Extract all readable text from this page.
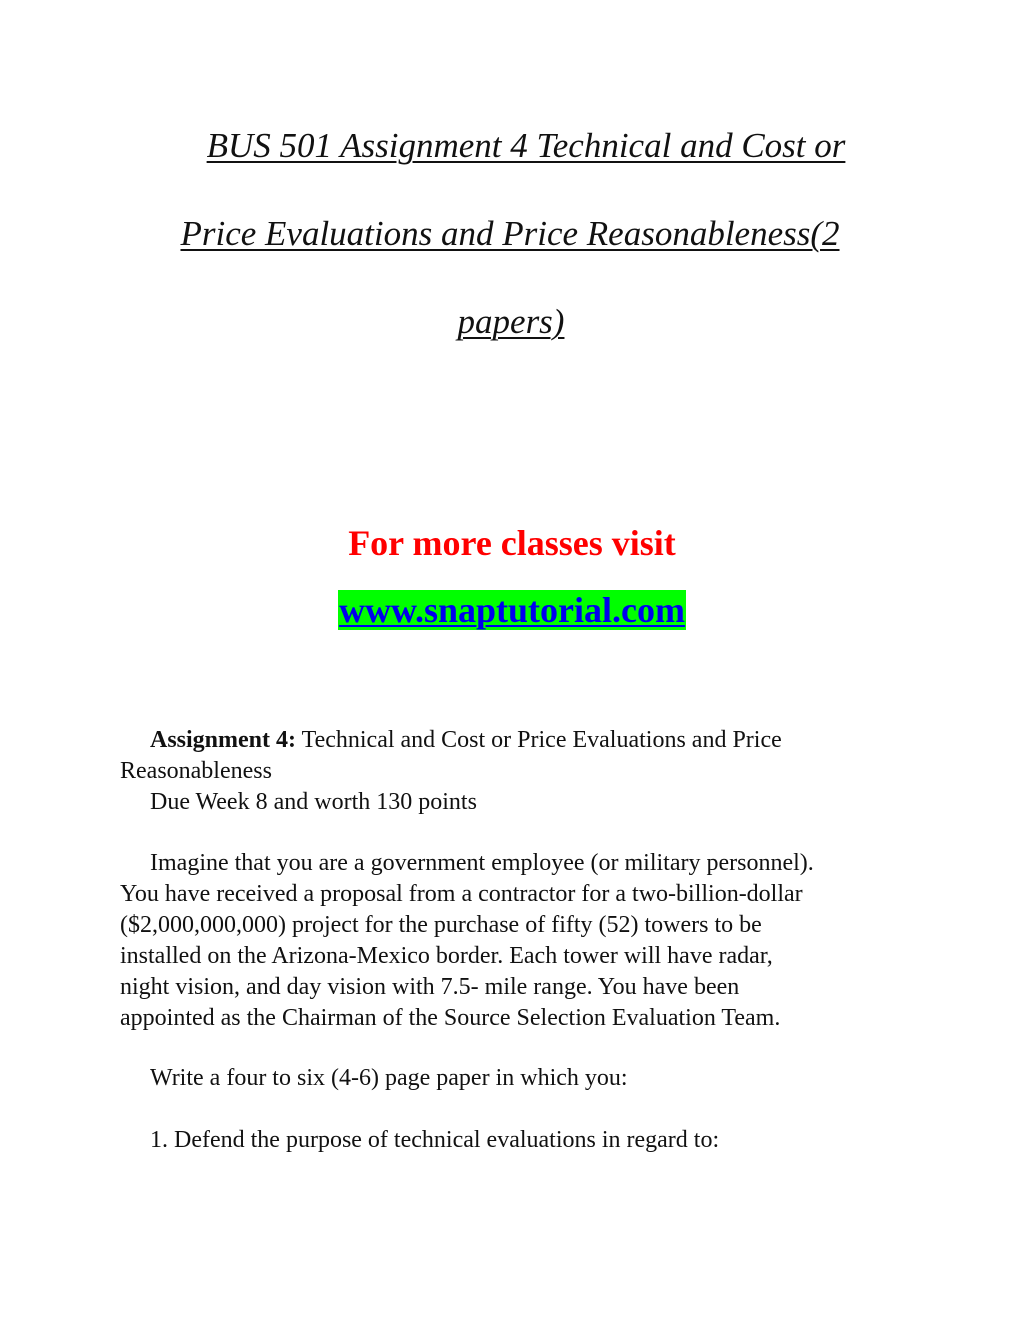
BUS 501 Assignment 4 Technical and Cost or
Price Evaluations and Price Reasonableness(2
papers)
For more classes visit
www.snaptutorial.com
Assignment 4: Technical and Cost or Price Evaluations and Price
Reasonableness
Due Week 8 and worth 130 points
Imagine that you are a government employee (or military personnel).
You have received a proposal from a contractor for a two-billion-dollar
($2,000,000,000) project for the purchase of fifty (52) towers to be
installed on the Arizona-Mexico border. Each tower will have radar,
night vision, and day vision with 7.5- mile range. You have been
appointed as the Chairman of the Source Selection Evaluation Team.
Write a four to six (4-6) page paper in which you:
1. Defend the purpose of technical evaluations in regard to:
